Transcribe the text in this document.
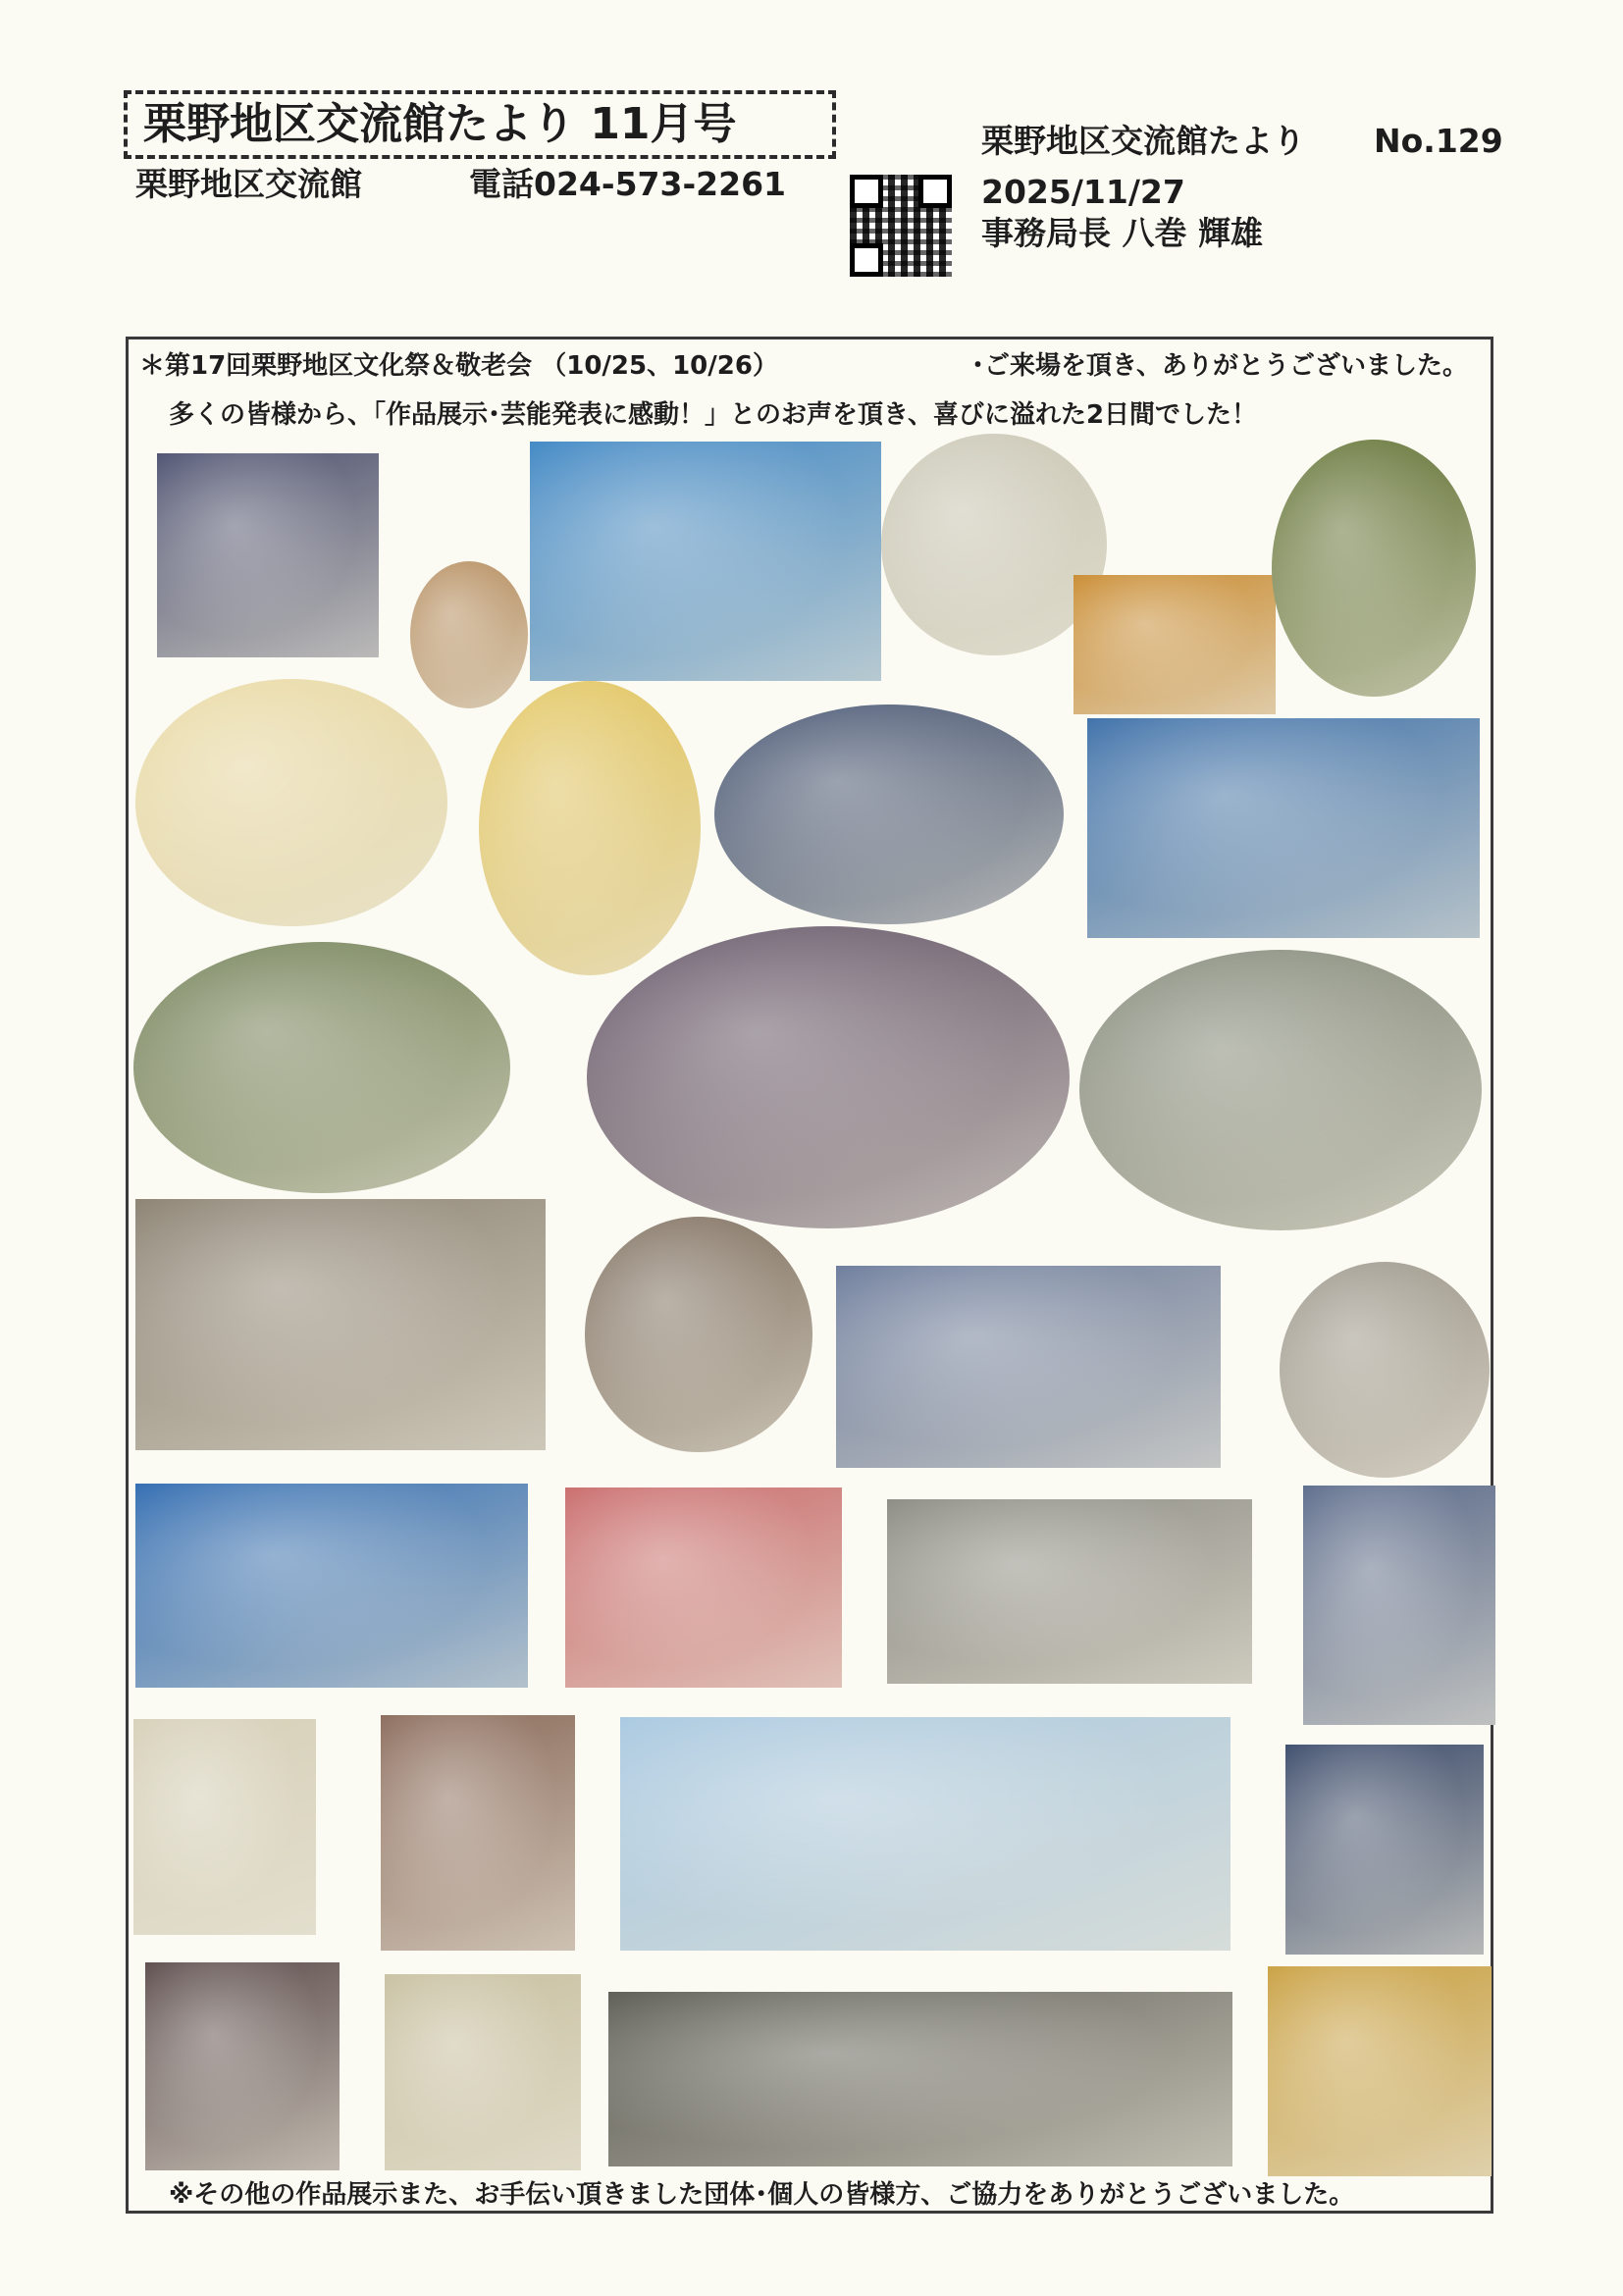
栗野地区交流館たより 11月号
栗野地区交流館	電話024-573-2261
栗野地区交流館たより No.129
2025/11/27
事務局長 八巻 輝雄
＊第17回栗野地区文化祭＆敬老会 （10/25、10/26）	･ご来場を頂き、ありがとうございました。
多くの皆様から、「作品展示･芸能発表に感動！」とのお声を頂き、喜びに溢れた2日間でした！
※その他の作品展示また、お手伝い頂きました団体･個人の皆様方、ご協力をありがとうございました。
